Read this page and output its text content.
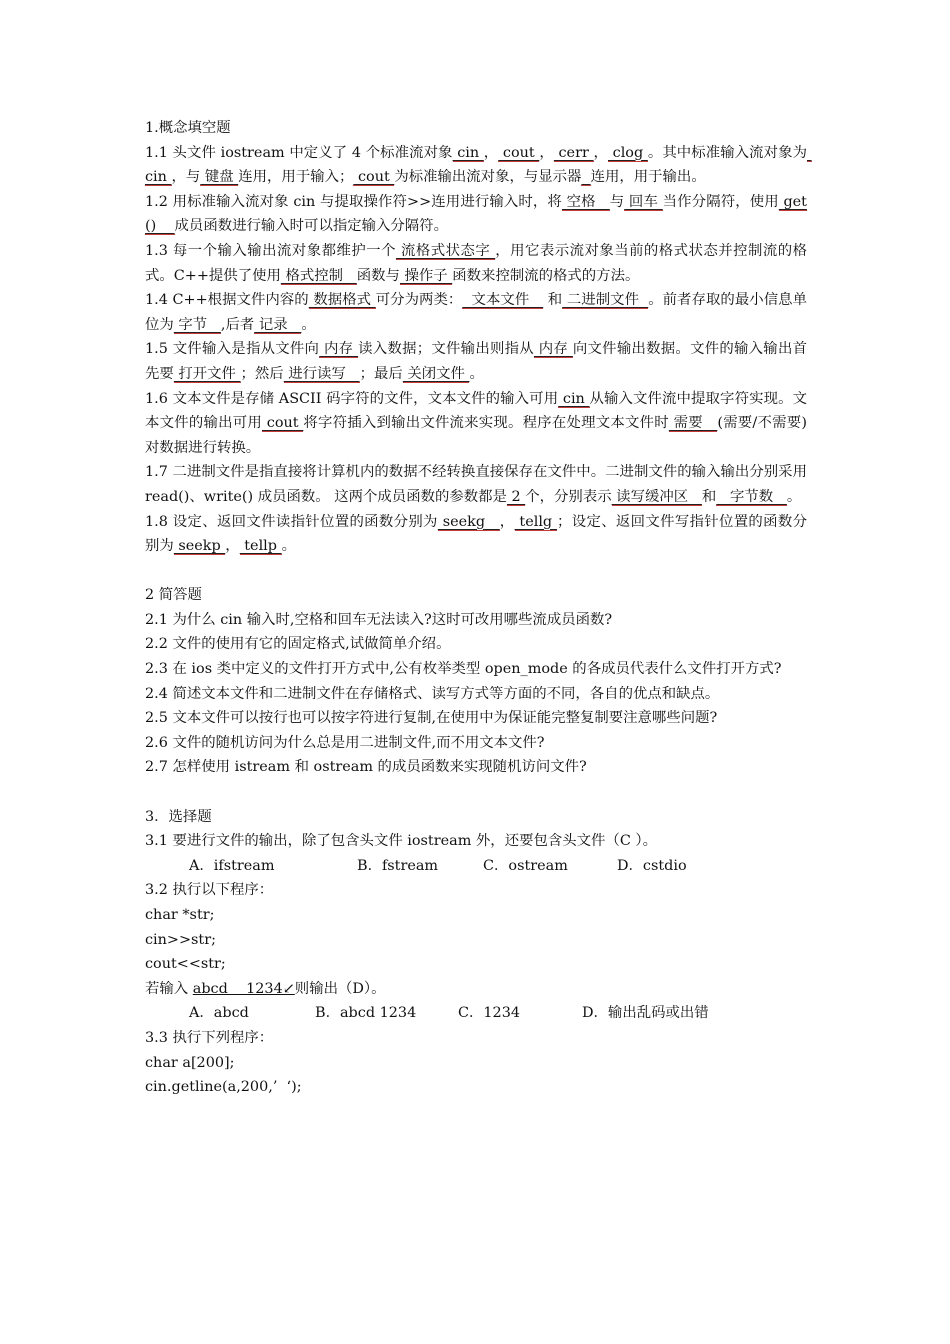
1.概念填空题

1.1 头文件 iostream 中定义了 4 个标准流对象 cin ， cout ， cerr ， clog 。其中标准输入流对象为 cin ，与 键盘 连用，用于输入； cout 为标准输出流对象，与显示器 连用，用于输出。

1.2 用标准输入流对象 cin 与提取操作符>>连用进行输入时，将 空格   与 回车 当作分隔符，使用 get()    成员函数进行输入时可以指定输入分隔符。

1.3 每一个输入输出流对象都维护一个 流格式状态字 ，用它表示流对象当前的格式状态并控制流的格式。C++提供了使用 格式控制   函数与 操作子 函数来控制流的格式的方法。

1.4 C++根据文件内容的 数据格式 可分为两类：  文本文件    和 二进制文件  。前者存取的最小信息单位为 字节   ,后者 记录   。

1.5 文件输入是指从文件向 内存 读入数据；文件输出则指从 内存 向文件输出数据。文件的输入输出首先要 打开文件 ；然后 进行读写   ；最后 关闭文件 。

1.6 文本文件是存储 ASCII 码字符的文件，文本文件的输入可用 cin 从输入文件流中提取字符实现。文本文件的输出可用 cout 将字符插入到输出文件流来实现。程序在处理文本文件时 需要   (需要/不需要)对数据进行转换。

1.7 二进制文件是指直接将计算机内的数据不经转换直接保存在文件中。二进制文件的输入输出分别采用 read()、write() 成员函数。 这两个成员函数的参数都是 2 个，分别表示 读写缓冲区   和   字节数   。

1.8 设定、返回文件读指针位置的函数分别为 seekg   ， tellg ；设定、返回文件写指针位置的函数分别为 seekp ， tellp 。

2 简答题

2.1 为什么 cin 输入时,空格和回车无法读入?这时可改用哪些流成员函数?

2.2 文件的使用有它的固定格式,试做简单介绍。

2.3 在 ios 类中定义的文件打开方式中,公有枚举类型 open_mode 的各成员代表什么文件打开方式?

2.4 简述文本文件和二进制文件在存储格式、读写方式等方面的不同，各自的优点和缺点。

2.5 文本文件可以按行也可以按字符进行复制,在使用中为保证能完整复制要注意哪些问题?

2.6 文件的随机访问为什么总是用二进制文件,而不用文本文件?

2.7 怎样使用 istream 和 ostream 的成员函数来实现随机访问文件?

3．选择题

3.1 要进行文件的输出，除了包含头文件 iostream 外，还要包含头文件（C ）。

A．ifstream	B．fstream	C．ostream	D．cstdio

3.2 执行以下程序：

char *str;

cin>>str;

cout<<str;

若输入 abcd    1234↙则输出（D）。

A．abcd	B．abcd 1234	C．1234	D．输出乱码或出错

3.3 执行下列程序：

char a[200];

cin.getline(a,200,’  ‘);
